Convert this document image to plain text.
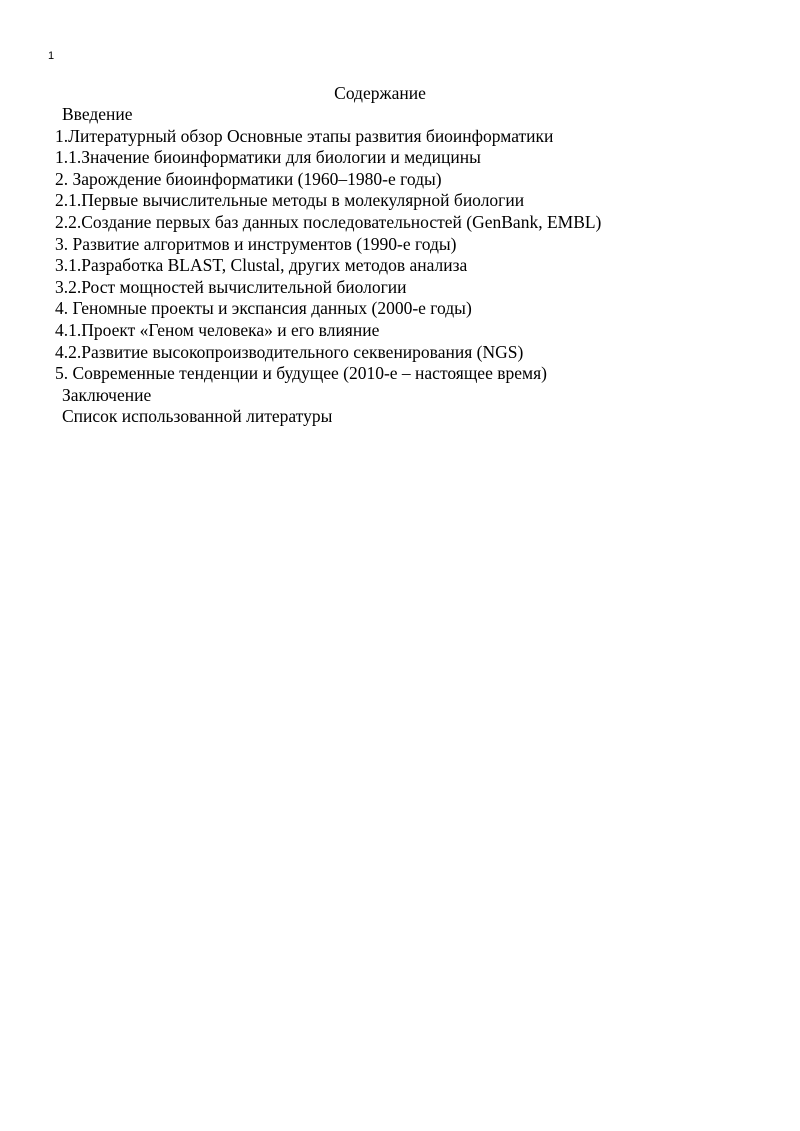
1
Содержание
Введение
1.Литературный обзор Основные этапы развития биоинформатики
1.1.Значение биоинформатики для биологии и медицины
2. Зарождение биоинформатики (1960–1980-е годы)
2.1.Первые вычислительные методы в молекулярной биологии
2.2.Создание первых баз данных последовательностей (GenBank, EMBL)
3. Развитие алгоритмов и инструментов (1990-е годы)
3.1.Разработка BLAST, Clustal, других методов анализа
3.2.Рост мощностей вычислительной биологии
4. Геномные проекты и экспансия данных (2000-е годы)
4.1.Проект «Геном человека» и его влияние
4.2.Развитие высокопроизводительного секвенирования (NGS)
5. Современные тенденции и будущее (2010-е – настоящее время)
Заключение
Список использованной литературы
